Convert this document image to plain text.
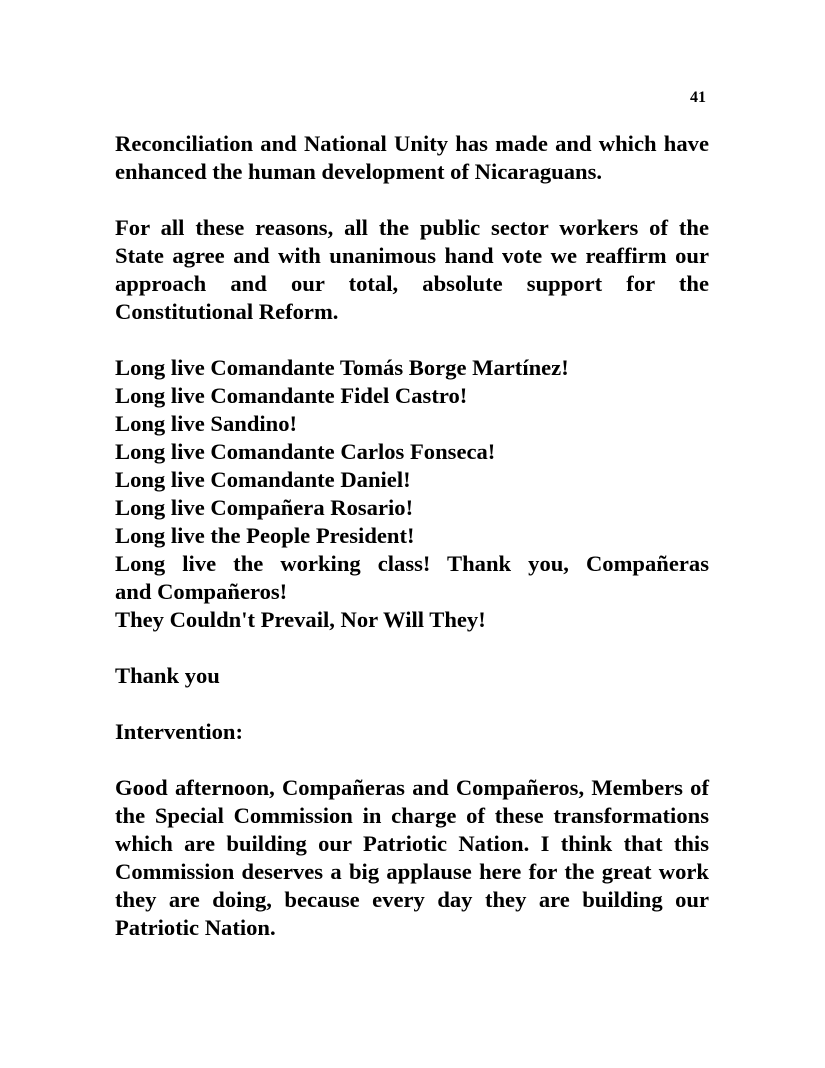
41

Reconciliation and National Unity has made and which have enhanced the human development of Nicaraguans.

For all these reasons, all the public sector workers of the State agree and with unanimous hand vote we reaffirm our approach and our total, absolute support for the Constitutional Reform.

Long live Comandante Tomás Borge Martínez!
Long live Comandante Fidel Castro!
Long live Sandino!
Long live Comandante Carlos Fonseca!
Long live Comandante Daniel!
Long live Compañera Rosario!
Long live the People President!
Long live the working class! Thank you, Compañeras
and Compañeros!
They Couldn't Prevail, Nor Will They!

Thank you

Intervention:

Good afternoon, Compañeras and Compañeros, Members of the Special Commission in charge of these transformations which are building our Patriotic Nation. I think that this Commission deserves a big applause here for the great work they are doing, because every day they are building our Patriotic Nation.
